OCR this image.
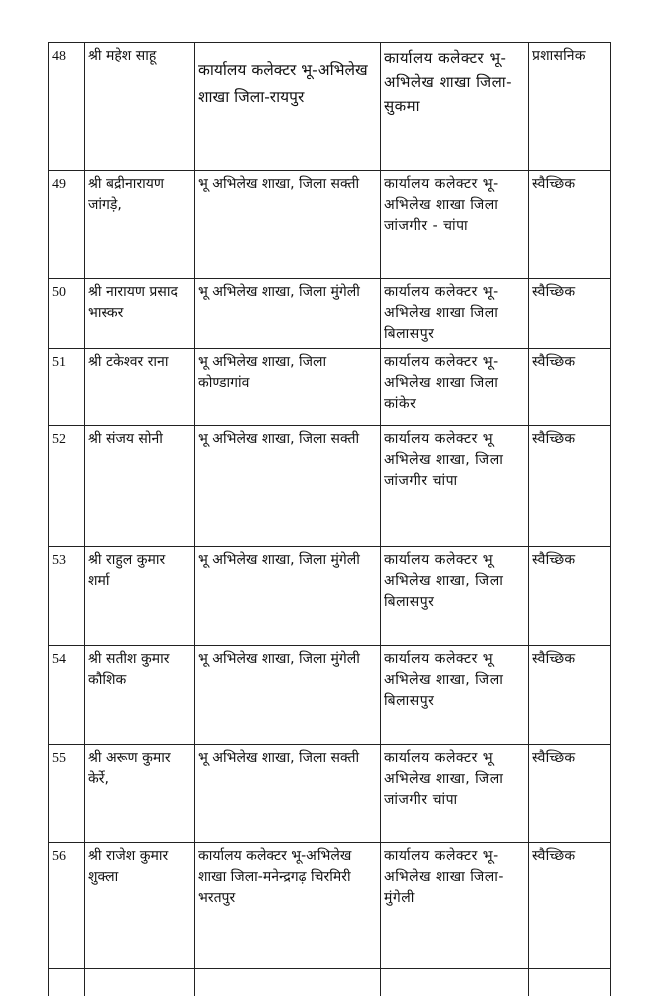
48	श्री महेश साहू	कार्यालय कलेक्टर भू-अभिलेख शाखा जिला-रायपुर	कार्यालय कलेक्टर भू-अभिलेख शाखा जिला-सुकमा	प्रशासनिक
49	श्री बद्रीनारायण जांगड़े,	भू अभिलेख शाखा, जिला सक्ती	कार्यालय कलेक्टर भू-अभिलेख शाखा जिला जांजगीर - चांपा	स्वैच्छिक
50	श्री नारायण प्रसाद भास्कर	भू अभिलेख शाखा, जिला मुंगेली	कार्यालय कलेक्टर भू-अभिलेख शाखा जिला बिलासपुर	स्वैच्छिक
51	श्री टकेश्वर राना	भू अभिलेख शाखा, जिला कोण्डागांव	कार्यालय कलेक्टर भू-अभिलेख शाखा जिला कांकेर	स्वैच्छिक
52	श्री संजय सोनी	भू अभिलेख शाखा, जिला सक्ती	कार्यालय कलेक्टर भू अभिलेख शाखा, जिला जांजगीर चांपा	स्वैच्छिक
53	श्री राहुल कुमार शर्मा	भू अभिलेख शाखा, जिला मुंगेली	कार्यालय कलेक्टर भू अभिलेख शाखा, जिला बिलासपुर	स्वैच्छिक
54	श्री सतीश कुमार कौशिक	भू अभिलेख शाखा, जिला मुंगेली	कार्यालय कलेक्टर भू अभिलेख शाखा, जिला बिलासपुर	स्वैच्छिक
55	श्री अरूण कुमार केर्रे,	भू अभिलेख शाखा, जिला सक्ती	कार्यालय कलेक्टर भू अभिलेख शाखा, जिला जांजगीर चांपा	स्वैच्छिक
56	श्री राजेश कुमार शुक्ला	कार्यालय कलेक्टर भू-अभिलेख शाखा जिला-मनेन्द्रगढ़ चिरमिरी भरतपुर	कार्यालय कलेक्टर भू-अभिलेख शाखा जिला-मुंगेली	स्वैच्छिक
